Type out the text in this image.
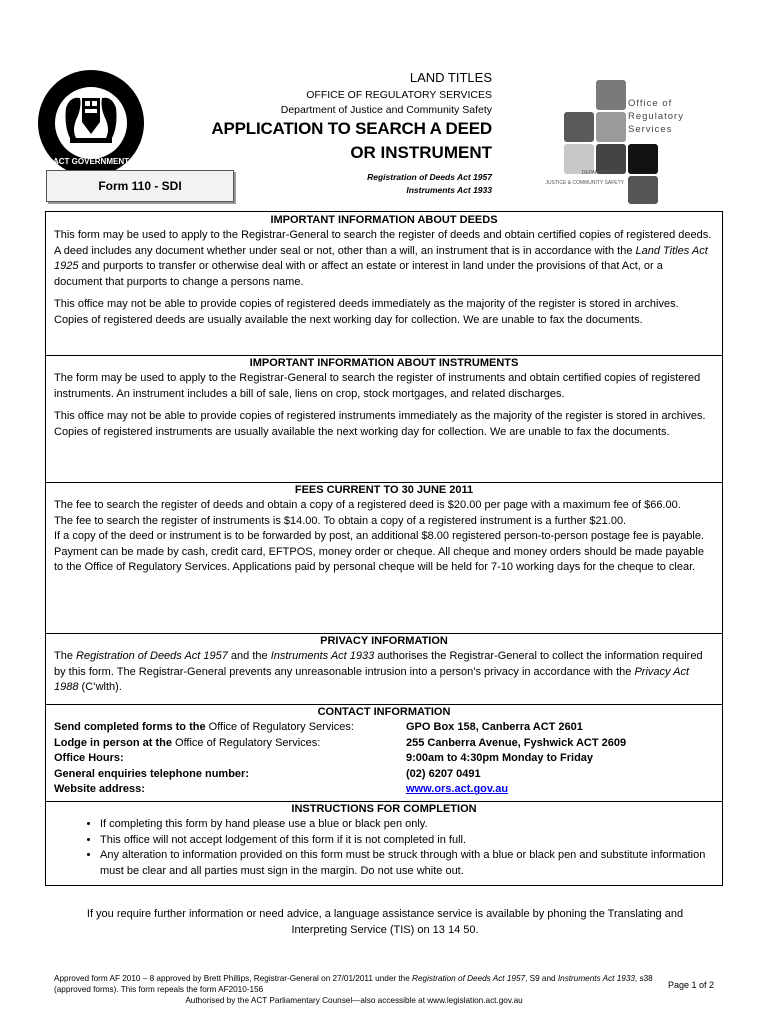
ACT GOVERNMENT
LAND TITLES
OFFICE OF REGULATORY SERVICES
Department of Justice and Community Safety
APPLICATION TO SEARCH A DEED
OR INSTRUMENT
Registration of Deeds Act 1957
Instruments Act 1933
Form 110 - SDI
Office of
Regulatory
Services
DEPARTMENT OF
JUSTICE & COMMUNITY SAFETY
IMPORTANT INFORMATION ABOUT DEEDS

This form may be used to apply to the Registrar-General to search the register of deeds and obtain certified copies of registered deeds. A deed includes any document whether under seal or not, other than a will, an instrument that is in accordance with the Land Titles Act 1925 and purports to transfer or otherwise deal with or affect an estate or interest in land under the provisions of that Act, or a document that purports to change a persons name.

This office may not be able to provide copies of registered deeds immediately as the majority of the register is stored in archives. Copies of registered deeds are usually available the next working day for collection. We are unable to fax the documents.

IMPORTANT INFORMATION ABOUT INSTRUMENTS

The form may be used to apply to the Registrar-General to search the register of instruments and obtain certified copies of registered instruments. An instrument includes a bill of sale, liens on crop, stock mortgages, and related discharges.

This office may not be able to provide copies of registered instruments immediately as the majority of the register is stored in archives. Copies of registered instruments are usually available the next working day for collection. We are unable to fax the documents.

FEES CURRENT TO 30 JUNE 2011

The fee to search the register of deeds and obtain a copy of a registered deed is $20.00 per page with a maximum fee of $66.00.

The fee to search the register of instruments is $14.00. To obtain a copy of a registered instrument is a further $21.00.

If a copy of the deed or instrument is to be forwarded by post, an additional $8.00 registered person-to-person postage fee is payable.

Payment can be made by cash, credit card, EFTPOS, money order or cheque. All cheque and money orders should be made payable to the Office of Regulatory Services. Applications paid by personal cheque will be held for 7-10 working days for the cheque to clear.

PRIVACY INFORMATION

The Registration of Deeds Act 1957 and the Instruments Act 1933 authorises the Registrar-General to collect the information required by this form. The Registrar-General prevents any unreasonable intrusion into a person’s privacy in accordance with the Privacy Act 1988 (C’wlth).

CONTACT INFORMATION
Send completed forms to the Office of Regulatory Services:	GPO Box 158, Canberra ACT 2601
Lodge in person at the Office of Regulatory Services:	255 Canberra Avenue, Fyshwick ACT 2609
Office Hours:	9:00am to 4:30pm Monday to Friday
General enquiries telephone number:	(02) 6207 0491
Website address:	www.ors.act.gov.au
INSTRUCTIONS FOR COMPLETION
• If completing this form by hand please use a blue or black pen only.
• This office will not accept lodgement of this form if it is not completed in full.
• Any alteration to information provided on this form must be struck through with a blue or black pen and substitute information must be clear and all parties must sign in the margin. Do not use white out.
If you require further information or need advice, a language assistance service is available by phoning the Translating and Interpreting Service (TIS) on 13 14 50.
Approved form AF 2010 – 8 approved by Brett Phillips, Registrar-General on 27/01/2011 under the Registration of Deeds Act 1957, S9 and Instruments Act 1933, s38 (approved forms). This form repeals the form AF2010-156
Authorised by the ACT Parliamentary Counsel—also accessible at www.legislation.act.gov.au
Page 1 of 2
